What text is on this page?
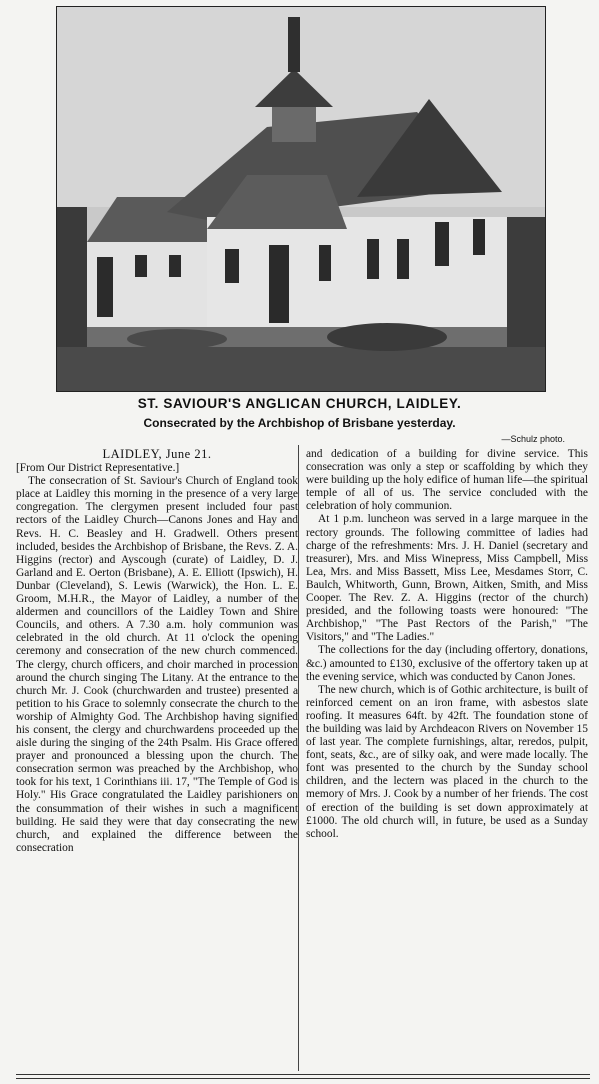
ST. SAVIOUR'S ANGLICAN CHURCH, LAIDLEY.
Consecrated by the Archbishop of Brisbane yesterday.
—Schulz photo.
LAIDLEY, June 21.

[From Our District Representative.]

The consecration of St. Saviour's Church of England took place at Laidley this morning in the presence of a very large congregation. The clergymen present included four past rectors of the Laidley Church—Canons Jones and Hay and Revs. H. C. Beasley and H. Gradwell. Others present included, besides the Archbishop of Brisbane, the Revs. Z. A. Higgins (rector) and Ayscough (curate) of Laidley, D. J. Garland and E. Oerton (Brisbane), A. E. Elliott (Ipswich), H. Dunbar (Cleveland), S. Lewis (Warwick), the Hon. L. E. Groom, M.H.R., the Mayor of Laidley, a number of the aldermen and councillors of the Laidley Town and Shire Councils, and others. A 7.30 a.m. holy communion was celebrated in the old church. At 11 o'clock the opening ceremony and consecration of the new church commenced. The clergy, church officers, and choir marched in procession around the church singing The Litany. At the entrance to the church Mr. J. Cook (churchwarden and trustee) presented a petition to his Grace to solemnly consecrate the church to the worship of Almighty God. The Archbishop having signified his consent, the clergy and churchwardens proceeded up the aisle during the singing of the 24th Psalm. His Grace offered prayer and pronounced a blessing upon the church. The consecration sermon was preached by the Archbishop, who took for his text, 1 Corinthians iii. 17, "The Temple of God is Holy." His Grace congratulated the Laidley parishioners on the consummation of their wishes in such a magnificent building. He said they were that day consecrating the new church, and explained the difference between the consecration

and dedication of a building for divine service. This consecration was only a step or scaffolding by which they were building up the holy edifice of human life—the spiritual temple of all of us. The service concluded with the celebration of holy communion.

At 1 p.m. luncheon was served in a large marquee in the rectory grounds. The following committee of ladies had charge of the refreshments: Mrs. J. H. Daniel (secretary and treasurer), Mrs. and Miss Winepress, Miss Campbell, Miss Lea, Mrs. and Miss Bassett, Miss Lee, Mesdames Storr, C. Baulch, Whitworth, Gunn, Brown, Aitken, Smith, and Miss Cooper. The Rev. Z. A. Higgins (rector of the church) presided, and the following toasts were honoured: "The Archbishop," "The Past Rectors of the Parish," "The Visitors," and "The Ladies."

The collections for the day (including offertory, donations, &c.) amounted to £130, exclusive of the offertory taken up at the evening service, which was conducted by Canon Jones.

The new church, which is of Gothic architecture, is built of reinforced cement on an iron frame, with asbestos slate roofing. It measures 64ft. by 42ft. The foundation stone of the building was laid by Archdeacon Rivers on November 15 of last year. The complete furnishings, altar, reredos, pulpit, font, seats, &c., are of silky oak, and were made locally. The font was presented to the church by the Sunday school children, and the lectern was placed in the church to the memory of Mrs. J. Cook by a number of her friends. The cost of erection of the building is set down approximately at £1000. The old church will, in future, be used as a Sunday school.
